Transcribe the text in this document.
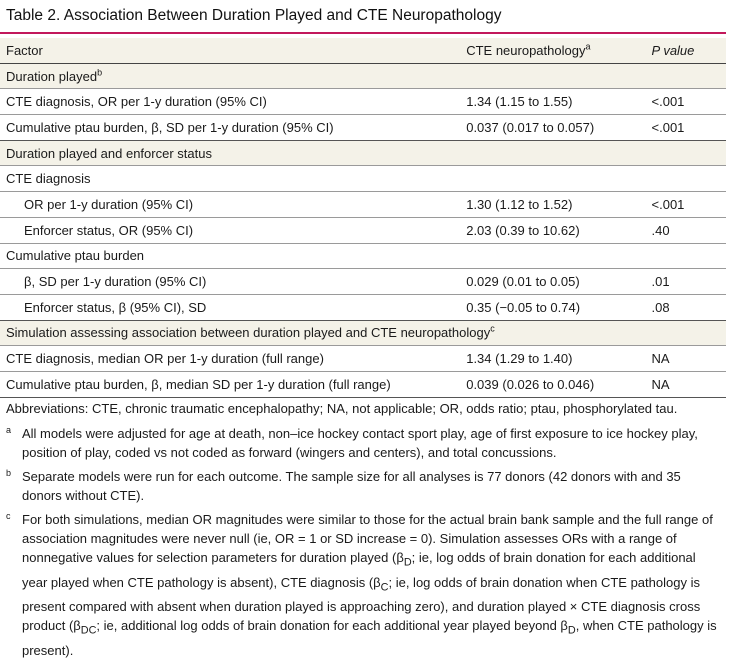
Table 2. Association Between Duration Played and CTE Neuropathology
Factor	CTE neuropathology$^a$	P value
Duration played$^b$		
CTE diagnosis, OR per 1-y duration (95% CI)	1.34 (1.15 to 1.55)	<.001
Cumulative ptau burden, β, SD per 1-y duration (95% CI)	0.037 (0.017 to 0.057)	<.001
Duration played and enforcer status		
CTE diagnosis		
OR per 1-y duration (95% CI)	1.30 (1.12 to 1.52)	<.001
Enforcer status, OR (95% CI)	2.03 (0.39 to 10.62)	.40
Cumulative ptau burden		
β, SD per 1-y duration (95% CI)	0.029 (0.01 to 0.05)	.01
Enforcer status, β (95% CI), SD	0.35 (−0.05 to 0.74)	.08
Simulation assessing association between duration played and CTE neuropathology$^c$
CTE diagnosis, median OR per 1-y duration (full range)	1.34 (1.29 to 1.40)	NA
Cumulative ptau burden, β, median SD per 1-y duration (full range)	0.039 (0.026 to 0.046)	NA

Abbreviations: CTE, chronic traumatic encephalopathy; NA, not applicable; OR, odds ratio; ptau, phosphorylated tau.

a All models were adjusted for age at death, non–ice hockey contact sport play, age of first exposure to ice hockey play, position of play, coded vs not coded as forward (wingers and centers), and total concussions.

b Separate models were run for each outcome. The sample size for all analyses is 77 donors (42 donors with and 35 donors without CTE).

c For both simulations, median OR magnitudes were similar to those for the actual brain bank sample and the full range of association magnitudes were never null (ie, OR = 1 or SD increase = 0). Simulation assesses ORs with a range of nonnegative values for selection parameters for duration played ($\beta_D$; ie, log odds of brain donation for each additional year played when CTE pathology is absent), CTE diagnosis ($\beta_C$; ie, log odds of brain donation when CTE pathology is present compared with absent when duration played is approaching zero), and duration played × CTE diagnosis cross product ($\beta_{DC}$; ie, additional log odds of brain donation for each additional year played beyond $\beta_D$, when CTE pathology is present).
